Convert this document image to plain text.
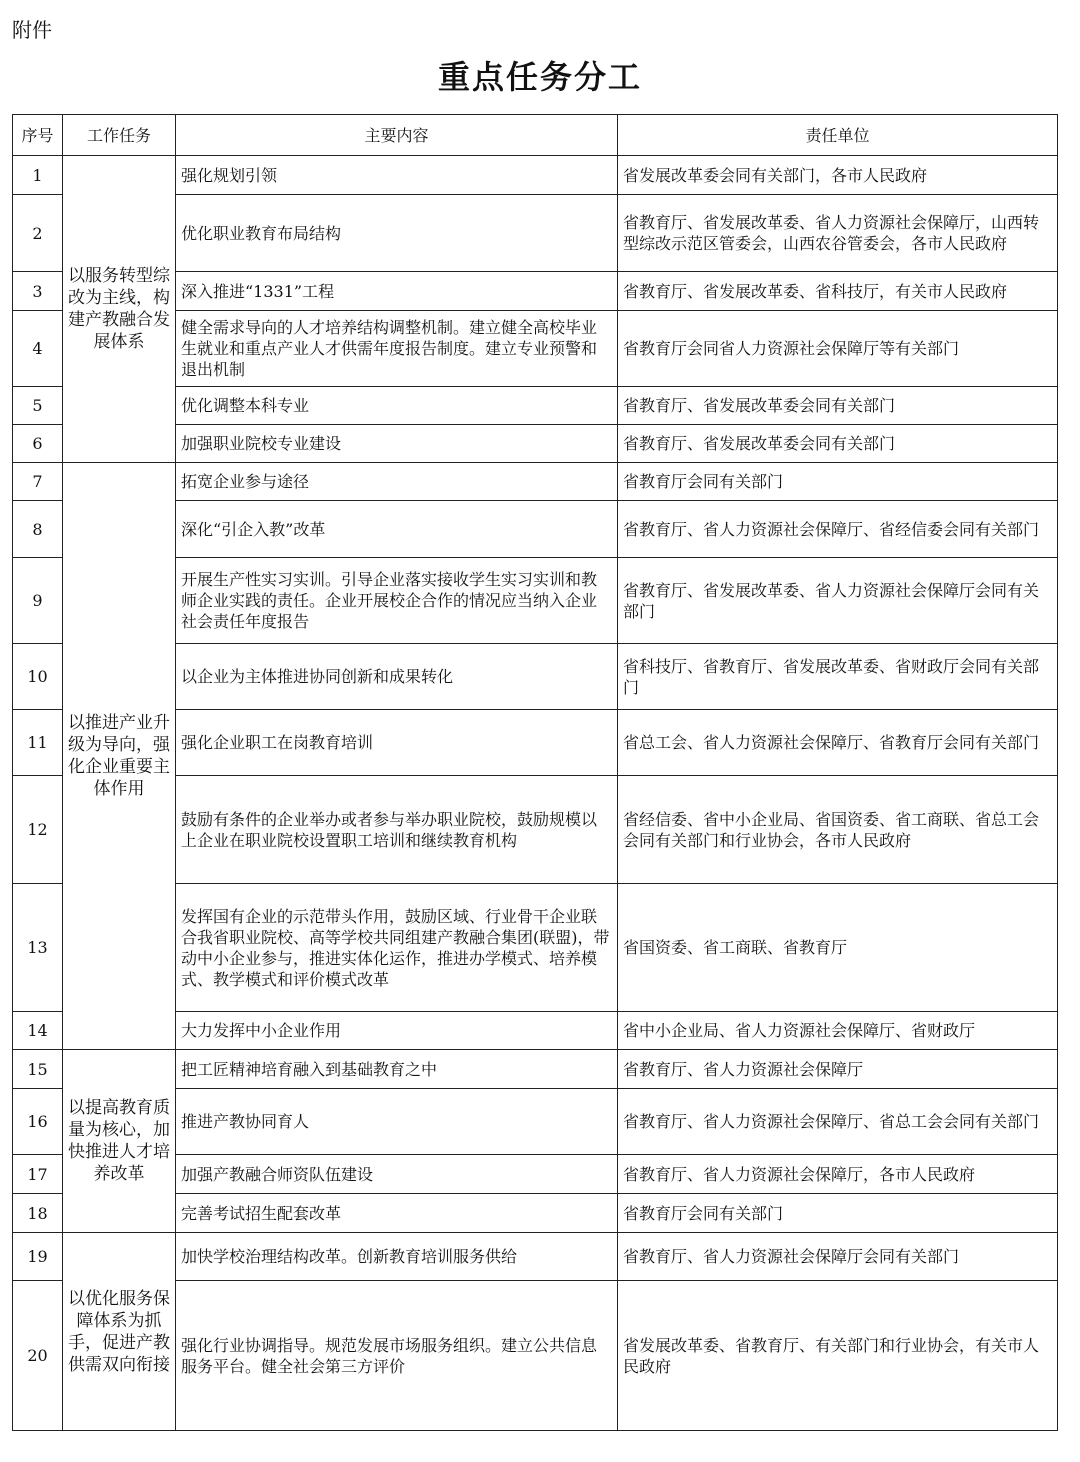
附件
重点任务分工
序号	工作任务	主要内容	责任单位
1	以服务转型综改为主线，构建产教融合发展体系	强化规划引领	省发展改革委会同有关部门，各市人民政府
2		优化职业教育布局结构	省教育厅、省发展改革委、省人力资源社会保障厅，山西转型综改示范区管委会，山西农谷管委会，各市人民政府
3		深入推进“1331”工程	省教育厅、省发展改革委、省科技厅，有关市人民政府
4		健全需求导向的人才培养结构调整机制。建立健全高校毕业生就业和重点产业人才供需年度报告制度。建立专业预警和退出机制	省教育厅会同省人力资源社会保障厅等有关部门
5		优化调整本科专业	省教育厅、省发展改革委会同有关部门
6		加强职业院校专业建设	省教育厅、省发展改革委会同有关部门
7	以推进产业升级为导向，强化企业重要主体作用	拓宽企业参与途径	省教育厅会同有关部门
8		深化“引企入教”改革	省教育厅、省人力资源社会保障厅、省经信委会同有关部门
9		开展生产性实习实训。引导企业落实接收学生实习实训和教师企业实践的责任。企业开展校企合作的情况应当纳入企业社会责任年度报告	省教育厅、省发展改革委、省人力资源社会保障厅会同有关部门
10		以企业为主体推进协同创新和成果转化	省科技厅、省教育厅、省发展改革委、省财政厅会同有关部门
11		强化企业职工在岗教育培训	省总工会、省人力资源社会保障厅、省教育厅会同有关部门
12		鼓励有条件的企业举办或者参与举办职业院校，鼓励规模以上企业在职业院校设置职工培训和继续教育机构	省经信委、省中小企业局、省国资委、省工商联、省总工会会同有关部门和行业协会，各市人民政府
13		发挥国有企业的示范带头作用，鼓励区域、行业骨干企业联合我省职业院校、高等学校共同组建产教融合集团(联盟)，带动中小企业参与，推进实体化运作，推进办学模式、培养模式、教学模式和评价模式改革	省国资委、省工商联、省教育厅
14		大力发挥中小企业作用	省中小企业局、省人力资源社会保障厅、省财政厅
15	以提高教育质量为核心，加快推进人才培养改革	把工匠精神培育融入到基础教育之中	省教育厅、省人力资源社会保障厅
16		推进产教协同育人	省教育厅、省人力资源社会保障厅、省总工会会同有关部门
17		加强产教融合师资队伍建设	省教育厅、省人力资源社会保障厅，各市人民政府
18		完善考试招生配套改革	省教育厅会同有关部门
19	以优化服务保障体系为抓手，促进产教供需双向衔接	加快学校治理结构改革。创新教育培训服务供给	省教育厅、省人力资源社会保障厅会同有关部门
20		强化行业协调指导。规范发展市场服务组织。建立公共信息服务平台。健全社会第三方评价	省发展改革委、省教育厅、有关部门和行业协会，有关市人民政府
